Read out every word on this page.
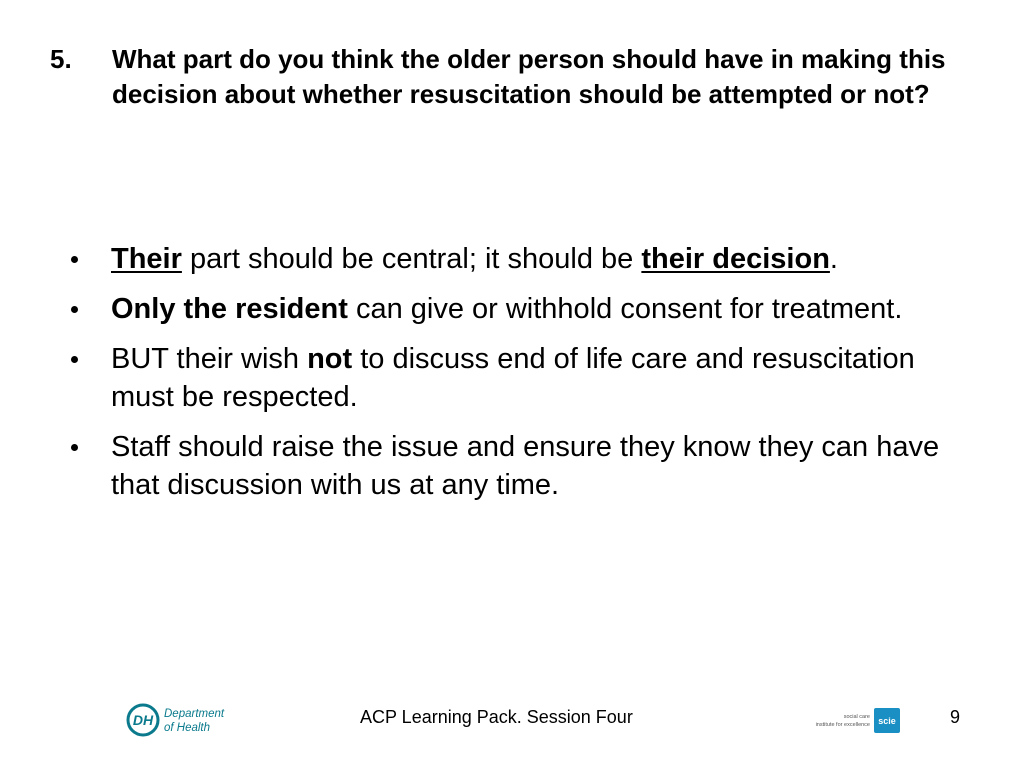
5.	What part do you think the older person should have in making this decision about whether resuscitation should be attempted or not?
Their part should be central; it should be their decision.
Only the resident can give or withhold consent for treatment.
BUT their wish not to discuss end of life care and resuscitation must be respected.
Staff should raise the issue and ensure they know they can have that discussion with us at any time.
DH Department
of Health
ACP Learning Pack. Session Four	social care
institute for excellence scie	9
